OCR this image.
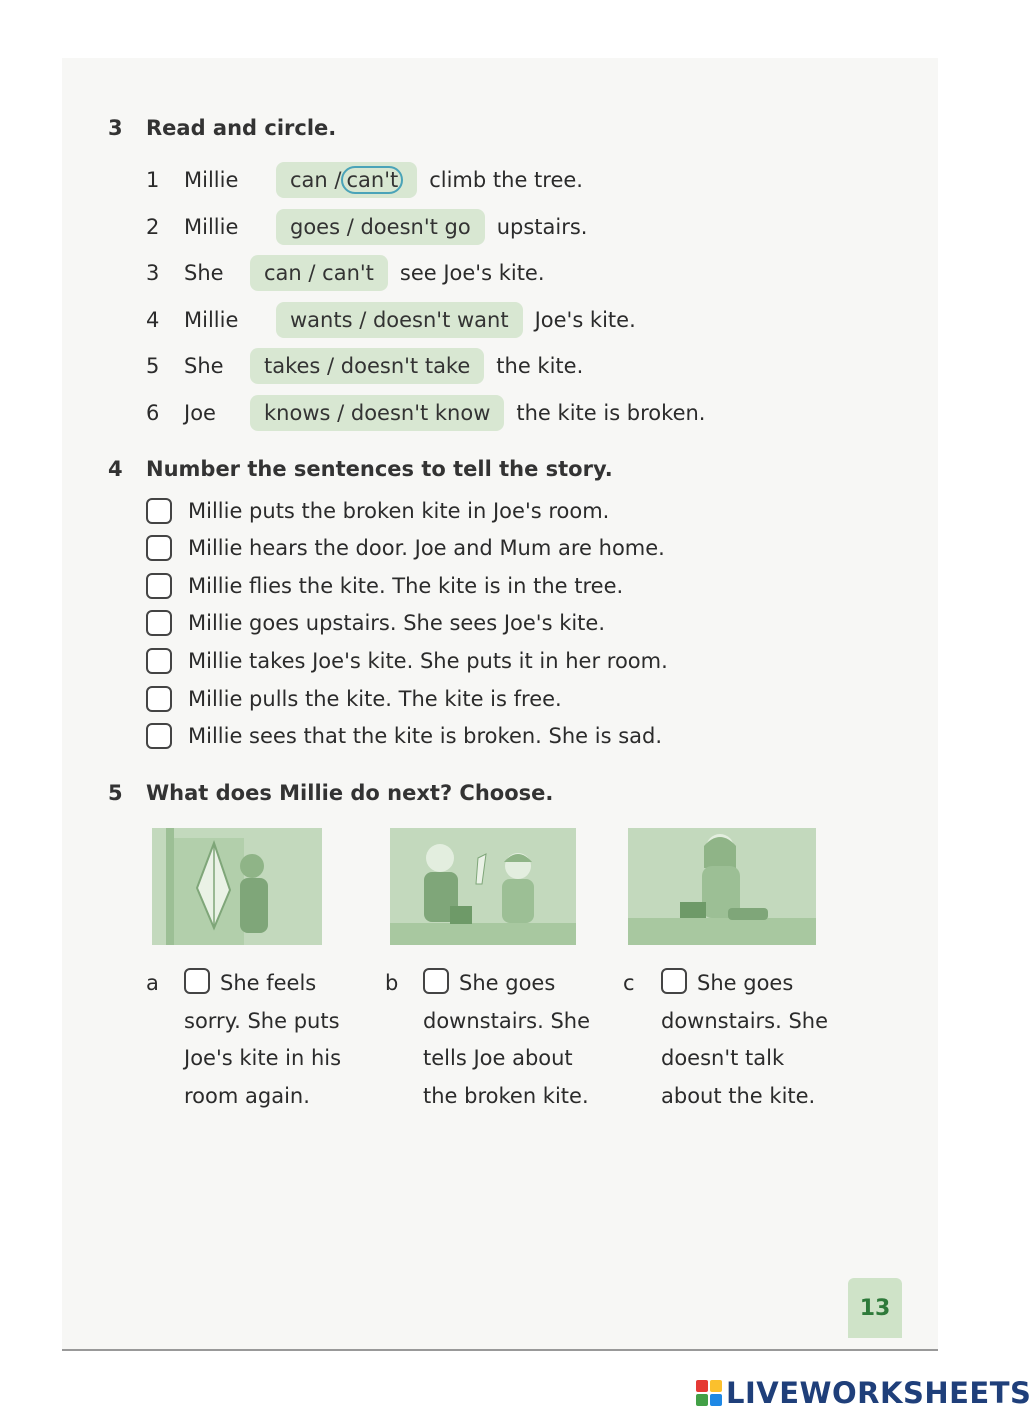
3 Read and circle.
1	Millie	can / can't	climb the tree.
2	Millie	goes / doesn't go	upstairs.
3	She	can / can't	see Joe's kite.
4	Millie	wants / doesn't want	Joe's kite.
5	She	takes / doesn't take	the kite.
6	Joe	knows / doesn't know	the kite is broken.
4 Number the sentences to tell the story.
Millie puts the broken kite in Joe's room.
Millie hears the door. Joe and Mum are home.
Millie flies the kite. The kite is in the tree.
Millie goes upstairs. She sees Joe's kite.
Millie takes Joe's kite. She puts it in her room.
Millie pulls the kite. The kite is free.
Millie sees that the kite is broken. She is sad.
5 What does Millie do next? Choose.
a	She feels
sorry. She puts
Joe's kite in his
room again.
b	She goes
downstairs. She
tells Joe about
the broken kite.
c	She goes
downstairs. She
doesn't talk
about the kite.
13
LIVEWORKSHEETS
